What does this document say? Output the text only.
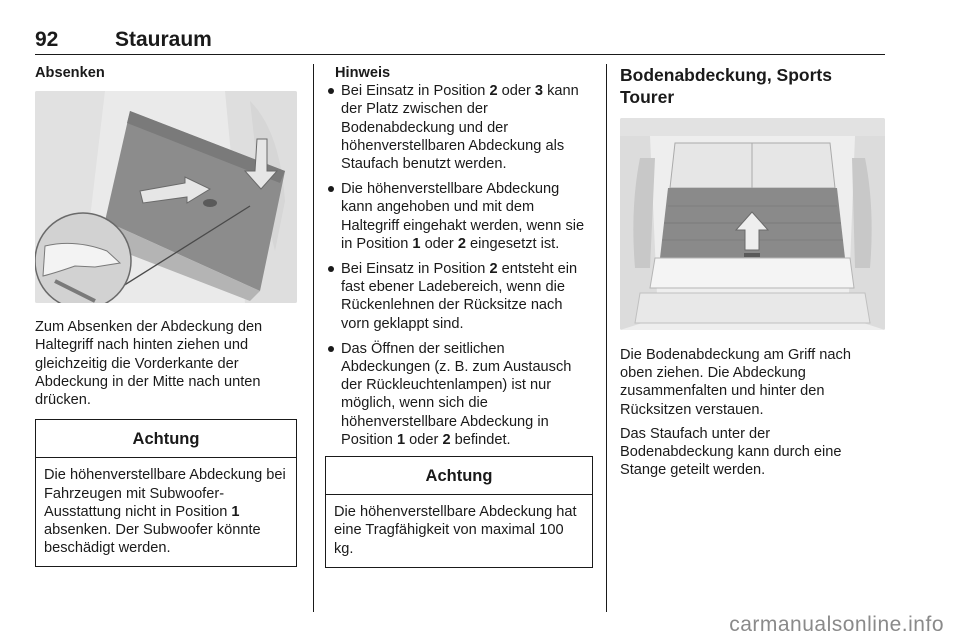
92	Stauraum

Absenken

Zum Absenken der Abdeckung den Haltegriff nach hinten ziehen und gleichzeitig die Vorderkante der Abdeckung in der Mitte nach unten drücken.

Achtung
Die höhenverstellbare Abdeckung bei Fahrzeugen mit Subwoofer-Ausstattung nicht in Position 1 absenken. Der Subwoofer könnte beschädigt werden.

Hinweis

Bei Einsatz in Position 2 oder 3 kann der Platz zwischen der Bodenabdeckung und der höhenverstellbaren Abdeckung als Staufach benutzt werden.
Die höhenverstellbare Abdeckung kann angehoben und mit dem Haltegriff eingehakt werden, wenn sie in Position 1 oder 2 eingesetzt ist.
Bei Einsatz in Position 2 entsteht ein fast ebener Ladebereich, wenn die Rückenlehnen der Rücksitze nach vorn geklappt sind.
Das Öffnen der seitlichen Abdeckungen (z. B. zum Austausch der Rückleuchtenlampen) ist nur möglich, wenn sich die höhenverstellbare Abdeckung in Position 1 oder 2 befindet.
Achtung
Die höhenverstellbare Abdeckung hat eine Tragfähigkeit von maximal 100 kg.

Bodenabdeckung, Sports Tourer

Die Bodenabdeckung am Griff nach oben ziehen. Die Abdeckung zusammenfalten und hinter den Rücksitzen verstauen.

Das Staufach unter der Bodenabdeckung kann durch eine Stange geteilt werden.

carmanualsonline.info
